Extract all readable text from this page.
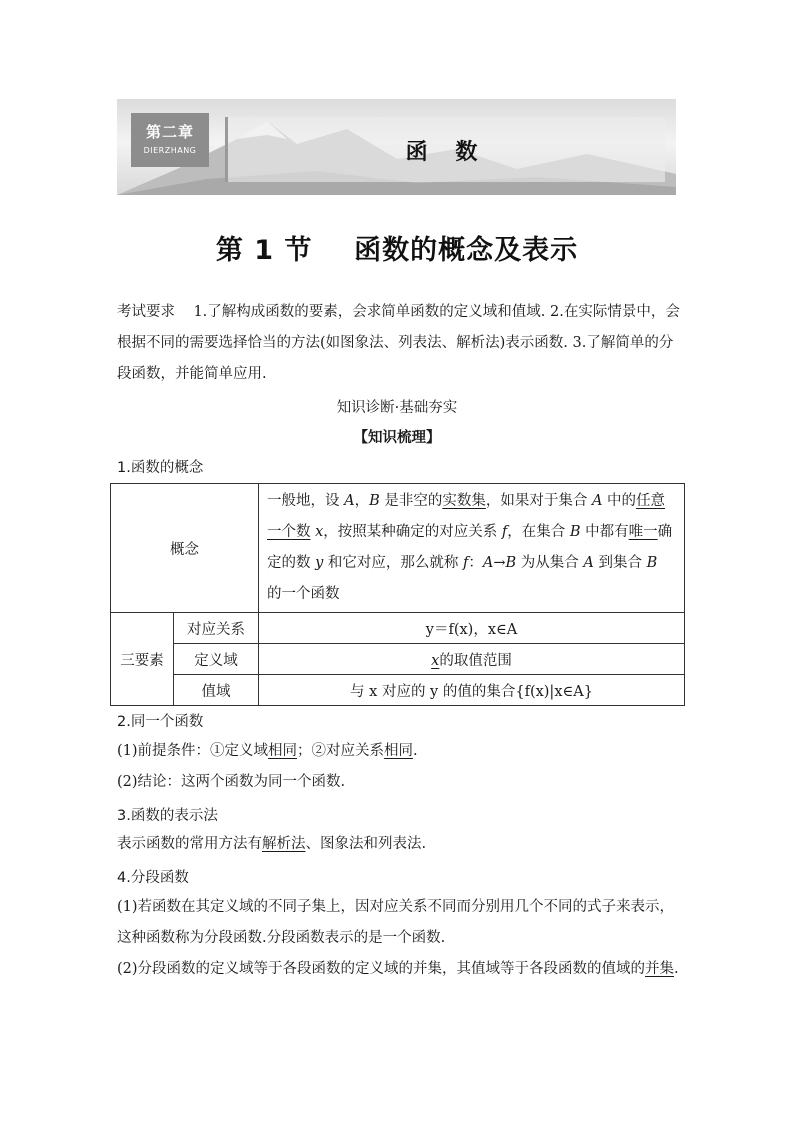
第二章
DIERZHANG	函 数
第 1 节    函数的概念及表示
考试要求 1.了解构成函数的要素，会求简单函数的定义域和值域. 2.在实际情景中，会根据不同的需要选择恰当的方法(如图象法、列表法、解析法)表示函数. 3.了解简单的分段函数，并能简单应用.
知识诊断·基础夯实
【知识梳理】
1.函数的概念
概念		一般地，设 A，B 是非空的实数集，如果对于集合 A 中的任意一个数 x，按照某种确定的对应关系 f，在集合 B 中都有唯一确定的数 y 和它对应，那么就称 f：A→B 为从集合 A 到集合 B 的一个函数
三要素	对应关系	y＝f(x)，x∈A
	定义域	x的取值范围
	值域	与 x 对应的 y 的值的集合{f(x)|x∈A}
2.同一个函数
(1)前提条件：①定义域相同；②对应关系相同.
(2)结论：这两个函数为同一个函数.
3.函数的表示法
表示函数的常用方法有解析法、图象法和列表法.
4.分段函数
(1)若函数在其定义域的不同子集上，因对应关系不同而分别用几个不同的式子来表示，这种函数称为分段函数.分段函数表示的是一个函数.
(2)分段函数的定义域等于各段函数的定义域的并集，其值域等于各段函数的值域的并集.
